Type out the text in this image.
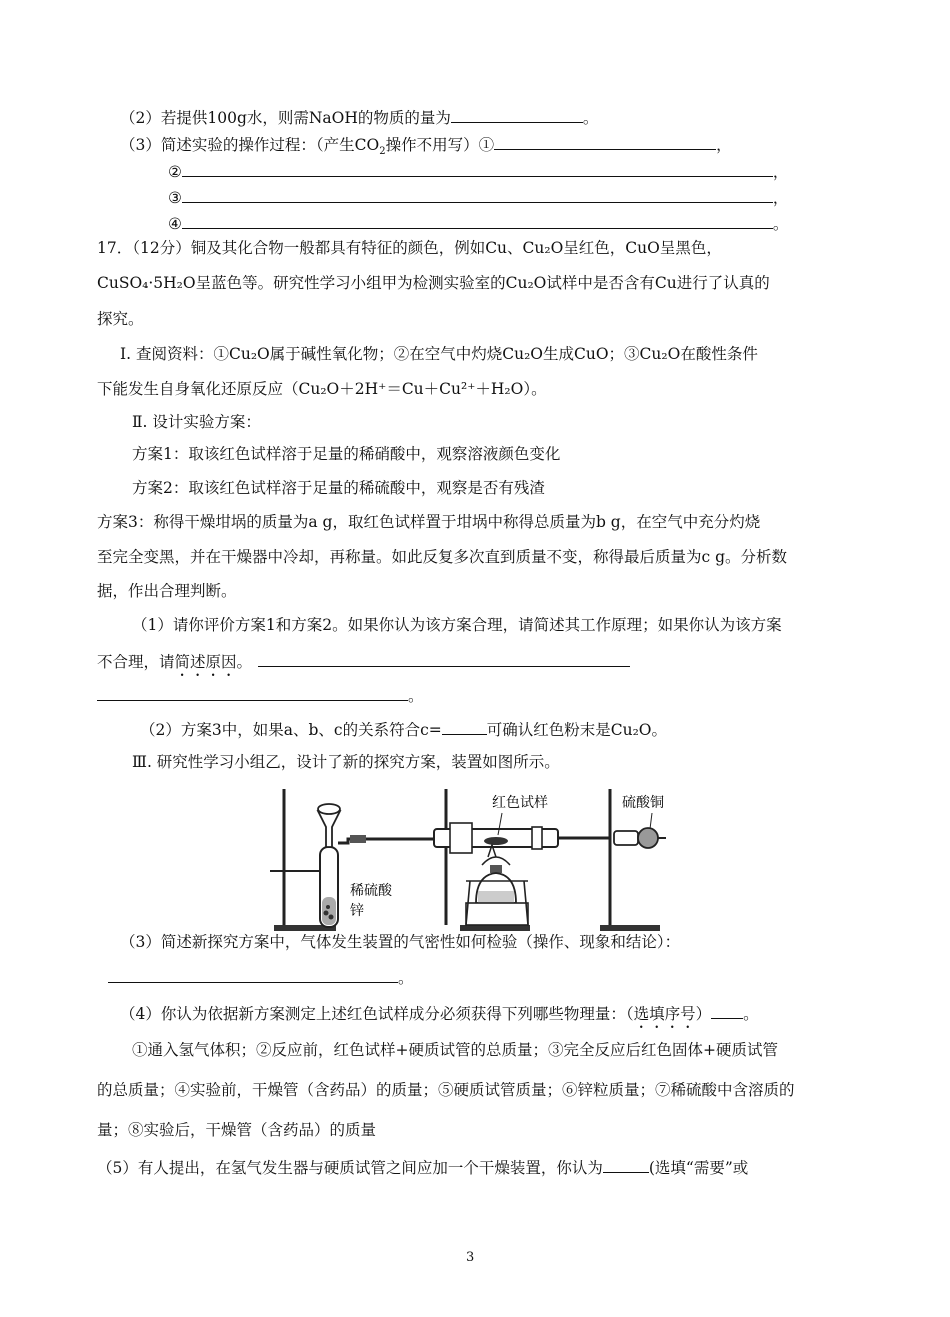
（2）若提供100g水，则需NaOH的物质的量为	。
（3）简述实验的操作过程：（产生$CO_2$操作不用写）①	，
②	，
③	，
④	。
17．（12分）铜及其化合物一般都具有特征的颜色，例如Cu、Cu₂O呈红色，CuO呈黑色，
CuSO₄·5H₂O呈蓝色等。研究性学习小组甲为检测实验室的Cu₂O试样中是否含有Cu进行了认真的
探究。
Ⅰ. 查阅资料：①Cu₂O属于碱性氧化物；②在空气中灼烧Cu₂O生成CuO；③Cu₂O在酸性条件
下能发生自身氧化还原反应（Cu₂O＋2H⁺＝Cu＋Cu²⁺＋H₂O）。
Ⅱ. 设计实验方案：
方案1：取该红色试样溶于足量的稀硝酸中，观察溶液颜色变化
方案2：取该红色试样溶于足量的稀硫酸中，观察是否有残渣
方案3：称得干燥坩埚的质量为a g，取红色试样置于坩埚中称得总质量为b g，在空气中充分灼烧
至完全变黑，并在干燥器中冷却，再称量。如此反复多次直到质量不变，称得最后质量为c g。分析数
据，作出合理判断。
（1）请你评价方案1和方案2。如果你认为该方案合理，请简述其工作原理；如果你认为该方案
不合理，请简述原因。
。
（2）方案3中，如果a、b、c的关系符合c=	可确认红色粉末是Cu₂O。
Ⅲ. 研究性学习小组乙，设计了新的探究方案，装置如图所示。
红色试样	硫酸铜
稀硫酸
锌
（3）简述新探究方案中，气体发生装置的气密性如何检验（操作、现象和结论）：
。
（4）你认为依据新方案测定上述红色试样成分必须获得下列哪些物理量：（选填序号） 。
①通入氢气体积；②反应前，红色试样+硬质试管的总质量；③完全反应后红色固体+硬质试管
的总质量；④实验前，干燥管（含药品）的质量；⑤硬质试管质量；⑥锌粒质量；⑦稀硫酸中含溶质的
量；⑧实验后，干燥管（含药品）的质量
（5）有人提出，在氢气发生器与硬质试管之间应加一个干燥装置，你认为	(选填“需要”或
3
